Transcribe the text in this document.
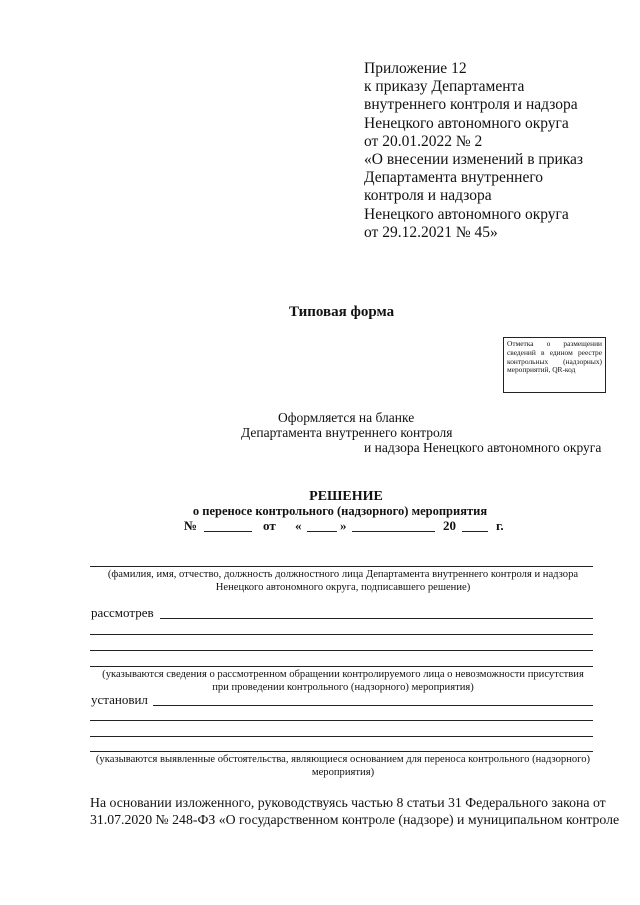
Приложение 12
к приказу Департамента
внутреннего контроля и надзора
Ненецкого автономного округа
от 20.01.2022 № 2
«О внесении изменений в приказ
Департамента внутреннего
контроля и надзора
Ненецкого автономного округа
от 29.12.2021 № 45»
Типовая форма
Отметка о размещении сведений в едином реестре контрольных (надзорных) мероприятий, QR-код
Оформляется на бланке
Департамента внутреннего контроля
и надзора Ненецкого автономного округа
РЕШЕНИЕ
о переносе контрольного (надзорного) мероприятия
№	от «	»	20	г.
(фамилия, имя, отчество, должность должностного лица Департамента внутреннего контроля и надзора
Ненецкого автономного округа, подписавшего решение)
рассмотрев
(указываются сведения о рассмотренном обращении контролируемого лица о невозможности присутствия
при проведении контрольного (надзорного) мероприятия)
установил
(указываются выявленные обстоятельства, являющиеся основанием для переноса контрольного (надзорного)
мероприятия)
На основании изложенного, руководствуясь частью 8 статьи 31 Федерального закона от
31.07.2020 № 248-ФЗ «О государственном контроле (надзоре) и муниципальном контроле
